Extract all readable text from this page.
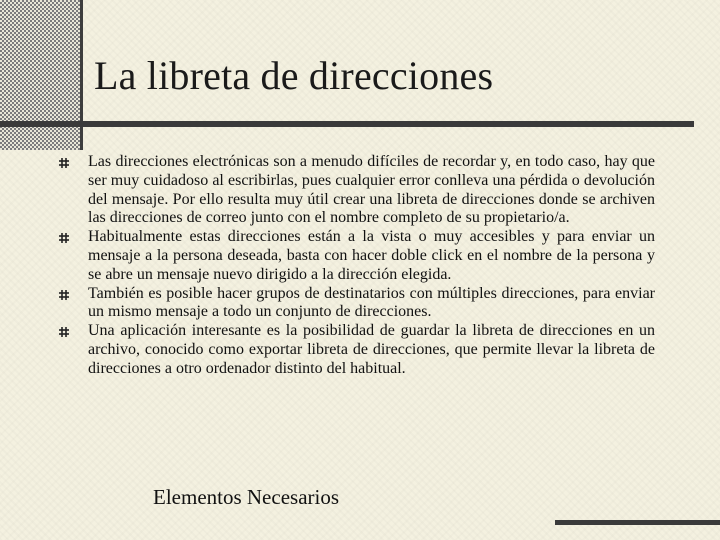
La libreta de direcciones
Las direcciones electrónicas son a menudo difíciles de recordar y, en todo caso, hay que ser muy cuidadoso al escribirlas, pues cualquier error conlleva una pérdida o devolución del mensaje. Por ello resulta muy útil crear una libreta de direcciones donde se archiven las direcciones de correo junto con el nombre completo de su propietario/a.
Habitualmente estas direcciones están a la vista o muy accesibles y para enviar un mensaje a la persona deseada, basta con hacer doble click en el nombre de la persona y se abre un mensaje nuevo dirigido a la dirección elegida.
También es posible hacer grupos de destinatarios con múltiples direcciones, para enviar un mismo mensaje a todo un conjunto de direcciones.
Una aplicación interesante es la posibilidad de guardar la libreta de direcciones en un archivo, conocido como exportar libreta de direcciones, que permite llevar la libreta de direcciones a otro ordenador distinto del habitual.
Elementos Necesarios
